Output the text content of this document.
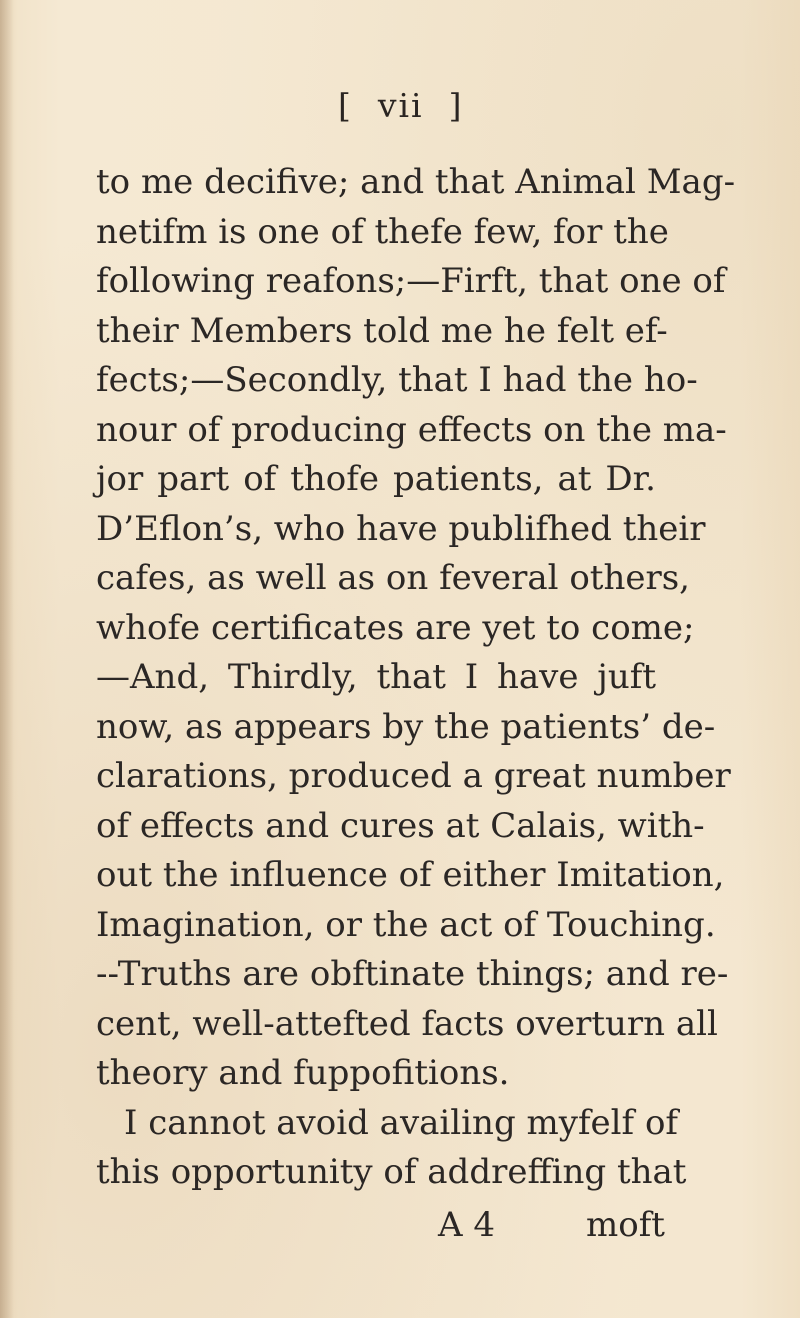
[  vii  ]
to me decifive; and that Animal Mag-
netifm is one of thefe few, for the
following reafons;—Firft, that one of
their Members told me he felt ef-
fects;—Secondly, that I had the ho-
nour of producing effects on the ma-
jor part of thofe patients, at Dr.
D’Eflon’s, who have publifhed their
cafes, as well as on feveral others,
whofe certificates are yet to come;
—And, Thirdly, that I have juft
now, as appears by the patients’ de-
clarations, produced a great number
of effects and cures at Calais, with-
out the influence of either Imitation,
Imagination, or the act of Touching.
--Truths are obftinate things; and re-
cent, well-attefted facts overturn all
theory and fuppofitions.
I cannot avoid availing myfelf of
this opportunity of addreffing that
A 4	moft
